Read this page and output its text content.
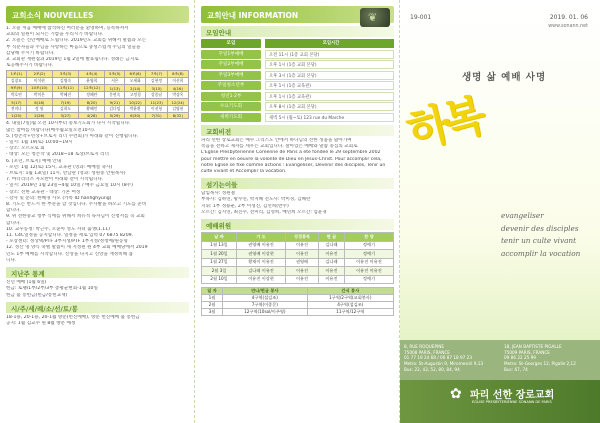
교회소식 NOUVELLES
1. 오늘 처음 예배에 참석하신 여러분을 환영하며, 등록하셔서
교회의 일원이 되시는 기쁨을 누리시기 바랍니다.
2. 오늘은 신년예배로 드립니다. 2019년도 교회를 위해서 말씀과 모든
부 직분자들과 주님을 사랑하는 마음으로 충성스럽게 주님의 일들을
감당해 주시기 바랍니다.
3. 교회관 재편접과 2019년 1월 2일에 발표됩니다. 성례는 금지로
토공해주시기 바랍니다.
1조(1)	2조(2)	3조(3)	4조(4)	5조(5)	6조(6)	7조(7)	8조(8)
김창요	이석현	김명숙	윤영희	서은	오세화	김현정	이선희
9조(9)	10조(10)	11조(11)	12조(12)	1(13)	2(14)	3(15)	4(16)
박호연	박미은	박혜진	정혜란	문연숙	고정경	강종남	박상옥
5(17)	6(18)	7(19)	8(20)	9(21)	10(22)	11(23)	12(24)
전미나	정 원	김희도	황혜인	김다임	박윤환	이선형	김명현
1(25)	2(26)	3(27)	4(28)	5(29)	6(30)	7(31)	8(32)
4. 내일(7일)월 오전 10시부터 중보기도회가 다시 시작됩니다.
많은 참여를 바랍니다(매주월요일오전10시).
5. [청존작+빈상+브토지 리더 수련회]가 아래와 같이 진행됩니다.
- 일시: 1월 19(토) 10:00~19시
- 장소: 오르모로 회
- 대상: 모든 청존작 및 2018~18 토상/브토지 리더
6. [포넌, 브토지] 예배 안내
- 포넌: 1월 12(토) 15시, 교육관 (영과: 예배설 축사)
- 브토지: 1월 13(일) 11시, 만남관 (영과: 성원중 안원목사)
7. 마더리더즈 자모반이 아래와 같이 시작됩니다.
- 일시: 2019년 1월 23일~4월 10일 / 매주 금요일 10시 (8주)
- 장소: 선한 교육관 - 대상: 기혼 여성
- 강사 및 문의: 한혜경 사모 (카톡 ID hanhghyung)
8. 기도는 반드시 한 부분을 할 것입니다. 주사발을 하오고 기도를 준비
합니다.
9. 위 선한중교 청부 식에를 위해서 희유적 독자님이 신청서를 꼭 교회
합니다.
10. 교우동정: 박근주, 오윤아 성도 자녀 출생(1.11)
11. C4C일정을 공지합니다. 일정을 세로 입력 07 6875 8209.
- 포장센터: 정상택/PTF 3부지성/PTF 1부지성/정청예/원동형
12. 성산 명 양식 축별 말씀이 새 지성원 원 4부 교회 예배당에서 2019
년도 1부 예배를 시작합니다. 신앙을 다지고 신앙을 재정비해 봅
니다.
지난주 통계
신년 예배 (1월 6일)
헌금: 토랭/1부/2부/3부 총평균현회-1월 10일
헌금 불 봉헌금(헌금/봉헌교재)
시/주/세/례/소/선/토/봉
18-1용, 20-1용, 20-1월 방문(헌신예배), 방문 헌신예배 불 봉헌금
공지: 1월 김교수 원 8월 방문 예정
교회안내 INFORMATION	❦
모임안내
모임	모임시간
주일1부예배	오전 11시 (1층 교회 본당)
주일2부예배	오후 1시 (1층 교회 본당)
주일3부예배	오후 3시 (1층 교회 본당)
주일청소년부	오후 1시 (1층 교육관)
청년1·2부	오후 1시 (1층 교육관)
수요기도회	오후 8시 (1층 교회 본당)
새벽기도회	새벽 5시 (월~토) 123 rue du Marche
교회비전
파리 선한 장로교회는 예수 그리스도 안에서 하나님의 선한 성품을 닮아가며
복음을 전하고 제자를 세우는 교회입니다. 살아있는 예배와 말씀 중심의 교회로
L'Eglise Presbyterienne Coreenne de Paris a ete fondee le 29 septembre 2002
pour mettre en oeuvre la volonte de Dieu en Jesus-Christ. Pour accomplir cela,
notre Eglise se fixe comme actions : Evangeliser, Devenir des disciples, Tenir un
culte vivant et Accomplir la vocation.
섬기는이들
담임목사: 성원철
부목사: 김하연, 황수연, 박지혜 전도사: 박미경, 김혜란
지휘: 1부 정용운, 2부 이성진, 김선희(반주)
오르간: 김지연, 최진수, 전미리, 김영희, 배민희 오르간: 엄윤경
예배위원
날 짜	기 도	성경봉독	헌 금	찬 양
1월 13일	권영배 이유진	이유진	김나래	정예기
1월 20일	권영배 이상현	이유진	이유진	정예기
1월 27일	황재이 이유진	권영배	김나래	이유진 이유진
2월 3일	김나래 이유진	이유진	이유진	이유진 이유진
2월 10일	이유진 이상현	이유진	이유진	정예기
일 자	만나/헌금 봉사	간식 봉사
1월	4구역(섬김조)	1구역/2구역(교회봉사)
2월	7구역(이종문)	4구역(섬김조)
3월	12구역(10sol/이주영)	11구역/12구역
19-001	2019. 01. 06
www.sonann.net
생명 삶 예배 사명
하복
evangeliser
devenir des disciples
tenir un culte vivant
accomplir la vocation
8, RUE ROQUEPINE
75008 PARIS, FRANCE
01 77 19 24 68 / 06 87 18 97 23
Metro: St-Augustin 9, Miromesnil 9,13
Bus: 22, 43, 52, 80, 84, 94
18, JEAN BAPTISTE PIGALLE
75009 PARIS, FRANCE
09 86 22 25 99
Metro: St-Georges 12, Pigalle 2,12
Bus: 67, 74
✿ 파리 선한 장로교회
EGLISE PRESBYTERIENNE SONANN DE PARIS
